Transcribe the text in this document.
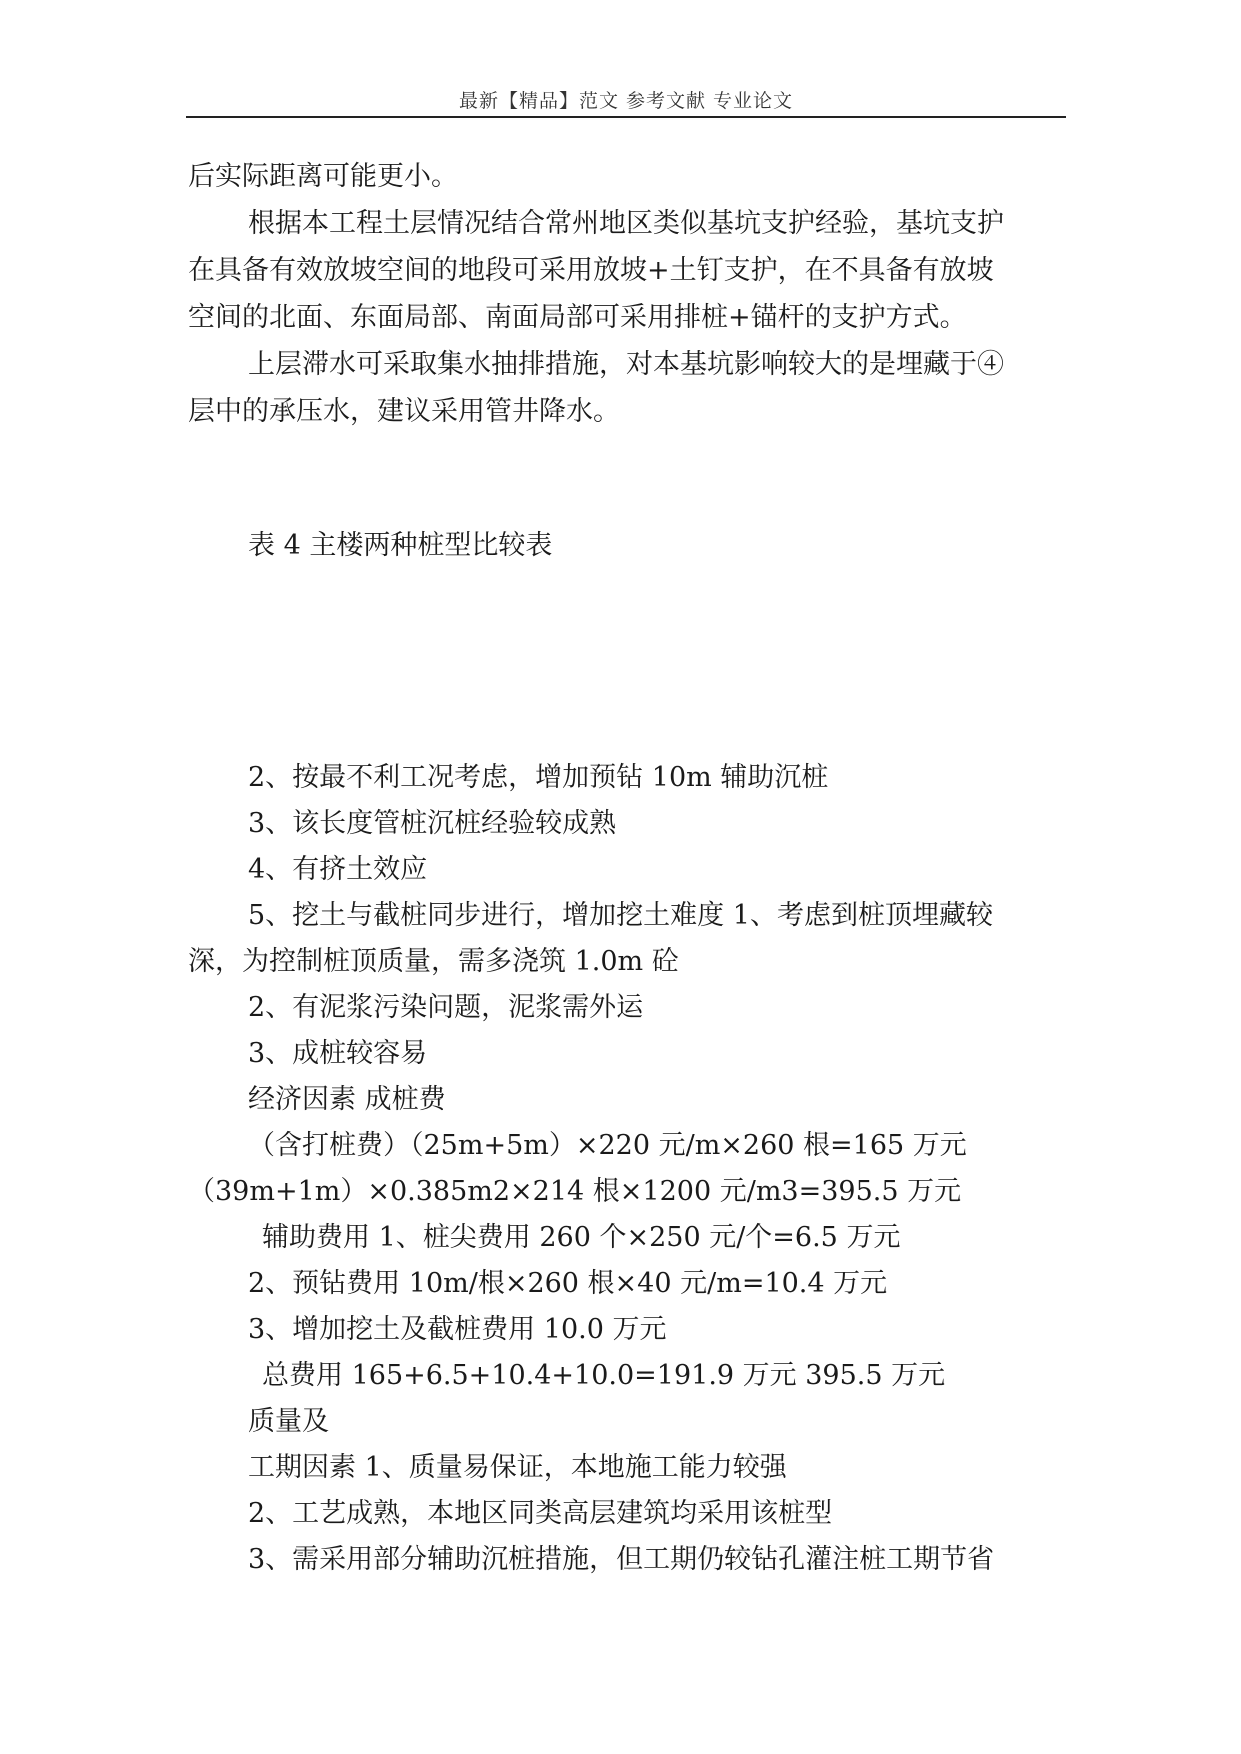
最新【精品】范文 参考文献 专业论文
后实际距离可能更小。
根据本工程土层情况结合常州地区类似基坑支护经验，基坑支护
在具备有效放坡空间的地段可采用放坡+土钉支护，在不具备有放坡
空间的北面、东面局部、南面局部可采用排桩+锚杆的支护方式。
上层滞水可采取集水抽排措施，对本基坑影响较大的是埋藏于④
层中的承压水，建议采用管井降水。
表 4 主楼两种桩型比较表
2、按最不利工况考虑，增加预钻 10m 辅助沉桩
3、该长度管桩沉桩经验较成熟
4、有挤土效应
5、挖土与截桩同步进行，增加挖土难度 1、考虑到桩顶埋藏较
深，为控制桩顶质量，需多浇筑 1.0m 砼
2、有泥浆污染问题，泥浆需外运
3、成桩较容易
经济因素 成桩费
（含打桩费）（25m+5m）×220 元/m×260 根=165 万元
（39m+1m）×0.385m2×214 根×1200 元/m3=395.5 万元
辅助费用 1、桩尖费用 260 个×250 元/个=6.5 万元
2、预钻费用 10m/根×260 根×40 元/m=10.4 万元
3、增加挖土及截桩费用 10.0 万元
总费用 165+6.5+10.4+10.0=191.9 万元 395.5 万元
质量及
工期因素 1、质量易保证，本地施工能力较强
2、工艺成熟，本地区同类高层建筑均采用该桩型
3、需采用部分辅助沉桩措施，但工期仍较钻孔灌注桩工期节省
